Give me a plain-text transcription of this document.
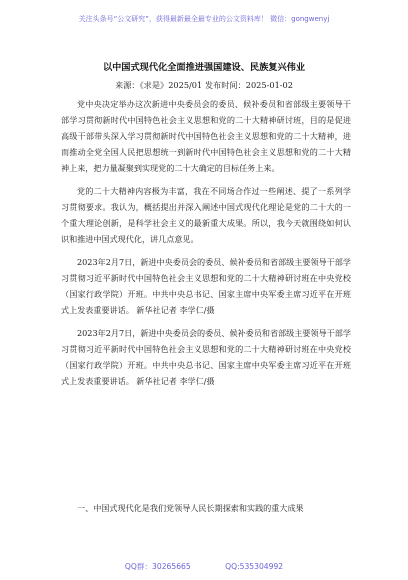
关注头条号“公文研究”，获得最新最全最专业的公文资料库！ 微信：gongwenyj
以中国式现代化全面推进强国建设、民族复兴伟业
来源：《求是》2025/01 发布时间：2025-01-02

党中央决定举办这次新进中央委员会的委员、候补委员和省部级主要领导干部学习贯彻新时代中国特色社会主义思想和党的二十大精神研讨班，目的是促进高级干部带头深入学习贯彻新时代中国特色社会主义思想和党的二十大精神，进而推动全党全国人民把思想统一到新时代中国特色社会主义思想和党的二十大精神上来，把力量凝聚到实现党的二十大确定的目标任务上来。

党的二十大精神内容极为丰富，我在不同场合作过一些阐述、提了一系列学习贯彻要求。我认为，概括提出并深入阐述中国式现代化理论是党的二十大的一个重大理论创新，是科学社会主义的最新重大成果。所以，我今天就围绕如何认识和推进中国式现代化，讲几点意见。

2023年2月7日，新进中央委员会的委员、候补委员和省部级主要领导干部学习贯彻习近平新时代中国特色社会主义思想和党的二十大精神研讨班在中央党校（国家行政学院）开班。中共中央总书记、国家主席中央军委主席习近平在开班式上发表重要讲话。 新华社记者 李学仁/摄

2023年2月7日，新进中央委员会的委员、候补委员和省部级主要领导干部学习贯彻习近平新时代中国特色社会主义思想和党的二十大精神研讨班在中央党校（国家行政学院）开班。中共中央总书记、国家主席中央军委主席习近平在开班式上发表重要讲话。 新华社记者 李学仁/摄

一、中国式现代化是我们党领导人民长期探索和实践的重大成果
QQ群：30265665	QQ:535304992
